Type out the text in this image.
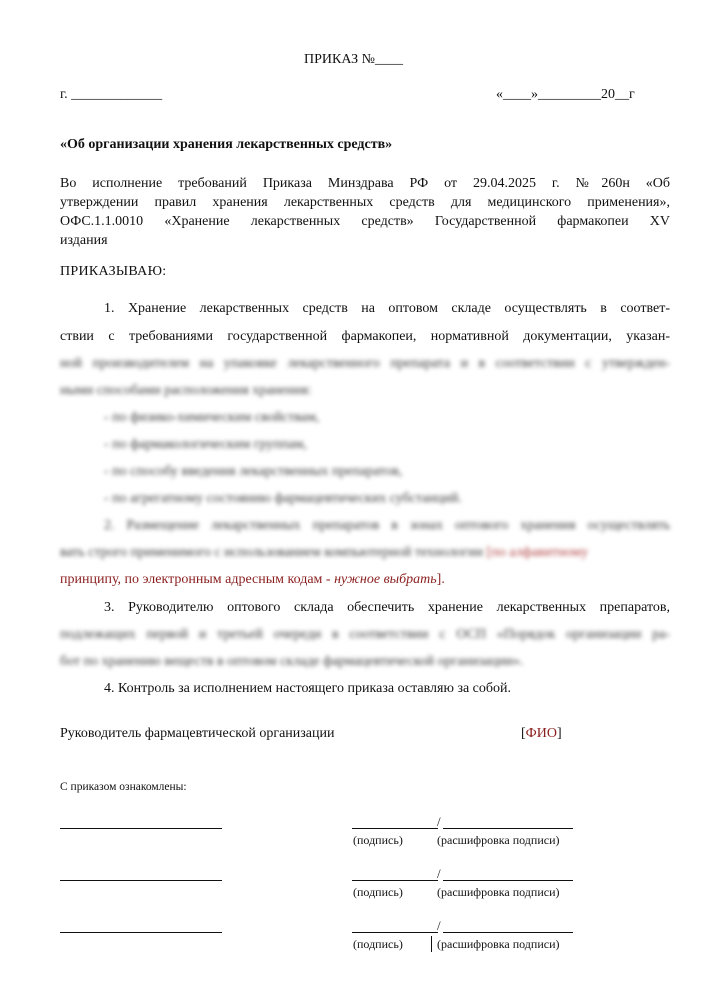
ПРИКАЗ №____
г. _____________	«____»_________20__г
«Об организации хранения лекарственных средств»
Во исполнение требований Приказа Минздрава РФ от 29.04.2025 г. №260н «Об
утверждении правил хранения лекарственных средств для медицинского применения»,
ОФС.1.1.0010 «Хранение лекарственных средств» Государственной фармакопеи XV
издания
ПРИКАЗЫВАЮ:
1. Хранение лекарственных средств на оптовом складе осуществлять в соответ-
ствии с требованиями государственной фармакопеи, нормативной документации, указан-
ной производителем на упаковке лекарственного препарата и в соответствии с утвержден-
ными способами расположения хранения:
- по физико-химическим свойствам,
- по фармакологическим группам,
- по способу введения лекарственных препаратов,
- по агрегатному состоянию фармацевтических субстанций.
2. Размещение лекарственных препаратов в зонах оптового хранения осуществлять
вать строго применимого с использованием компьютерной технологии [по алфавитному
принципу, по электронным адресным кодам - нужное выбрать].
3. Руководителю оптового склада обеспечить хранение лекарственных препаратов,
подлежащих первой и третьей очереди в соответствии с ОСП «Порядок организации ра-
бот по хранению веществ в оптовом складе фармацевтической организации».
4. Контроль за исполнением настоящего приказа оставляю за собой.
Руководитель фармацевтической организации	[ФИО]
С приказом ознакомлены:
/
(подпись)	(расшифровка подписи)
/
(подпись)	(расшифровка подписи)
/
(подпись)	(расшифровка подписи)
